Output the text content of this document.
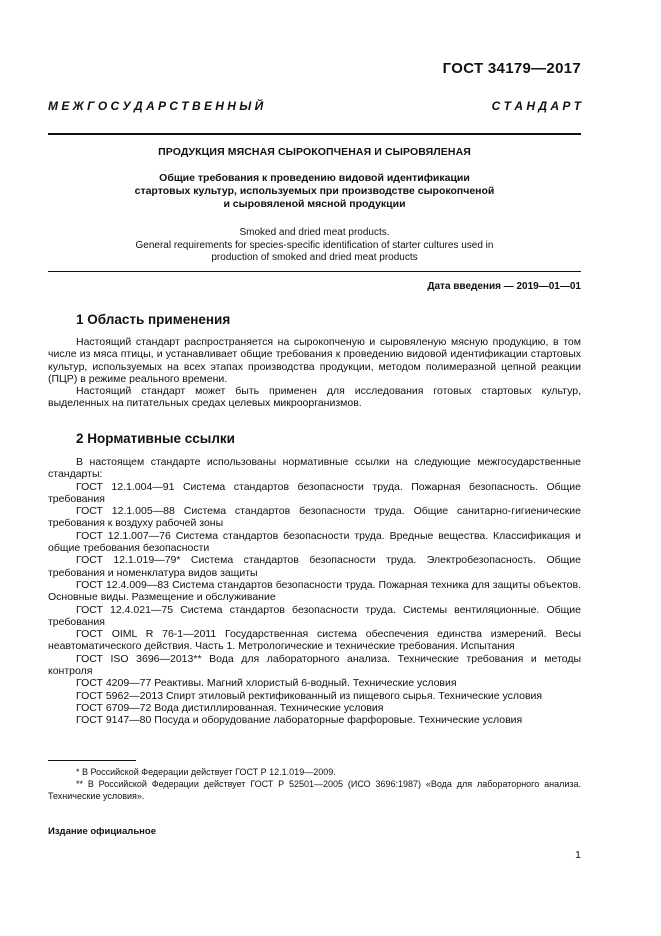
ГОСТ 34179—2017
М Е Ж Г О С У Д А Р С Т В Е Н Н Ы Й	С Т А Н Д А Р Т
ПРОДУКЦИЯ МЯСНАЯ СЫРОКОПЧЕНАЯ И СЫРОВЯЛЕНАЯ
Общие требования к проведению видовой идентификации
стартовых культур, используемых при производстве сырокопченой
и сыровяленой мясной продукции
Smoked and dried meat products.
General requirements for species-specific identification of starter cultures used in
production of smoked and dried meat products
Дата введения — 2019—01—01
1 Область применения

Настоящий стандарт распространяется на сырокопченую и сыровяленую мясную продукцию, в том числе из мяса птицы, и устанавливает общие требования к проведению видовой идентификации стартовых культур, используемых на всех этапах производства продукции, методом полимеразной цепной реакции (ПЦР) в режиме реального времени.

Настоящий стандарт может быть применен для исследования готовых стартовых культур, выделенных на питательных средах целевых микроорганизмов.

2 Нормативные ссылки

В настоящем стандарте использованы нормативные ссылки на следующие межгосударственные стандарты:

ГОСТ 12.1.004—91 Система стандартов безопасности труда. Пожарная безопасность. Общие требования

ГОСТ 12.1.005—88 Система стандартов безопасности труда. Общие санитарно-гигиенические требования к воздуху рабочей зоны

ГОСТ 12.1.007—76 Система стандартов безопасности труда. Вредные вещества. Классификация и общие требования безопасности

ГОСТ 12.1.019—79* Система стандартов безопасности труда. Электробезопасность. Общие требования и номенклатура видов защиты

ГОСТ 12.4.009—83 Система стандартов безопасности труда. Пожарная техника для защиты объектов. Основные виды. Размещение и обслуживание

ГОСТ 12.4.021—75 Система стандартов безопасности труда. Системы вентиляционные. Общие требования

ГОСТ OIML R 76-1—2011 Государственная система обеспечения единства измерений. Весы неавтоматического действия. Часть 1. Метрологические и технические требования. Испытания

ГОСТ ISO 3696—2013** Вода для лабораторного анализа. Технические требования и методы контроля

ГОСТ 4209—77 Реактивы. Магний хлористый 6-водный. Технические условия

ГОСТ 5962—2013 Спирт этиловый ректификованный из пищевого сырья. Технические условия

ГОСТ 6709—72 Вода дистиллированная. Технические условия

ГОСТ 9147—80 Посуда и оборудование лабораторные фарфоровые. Технические условия

* В Российской Федерации действует ГОСТ Р 12.1.019—2009.

** В Российской Федерации действует ГОСТ Р 52501—2005 (ИСО 3696:1987) «Вода для лабораторного анализа. Технические условия».

Издание официальное
1
